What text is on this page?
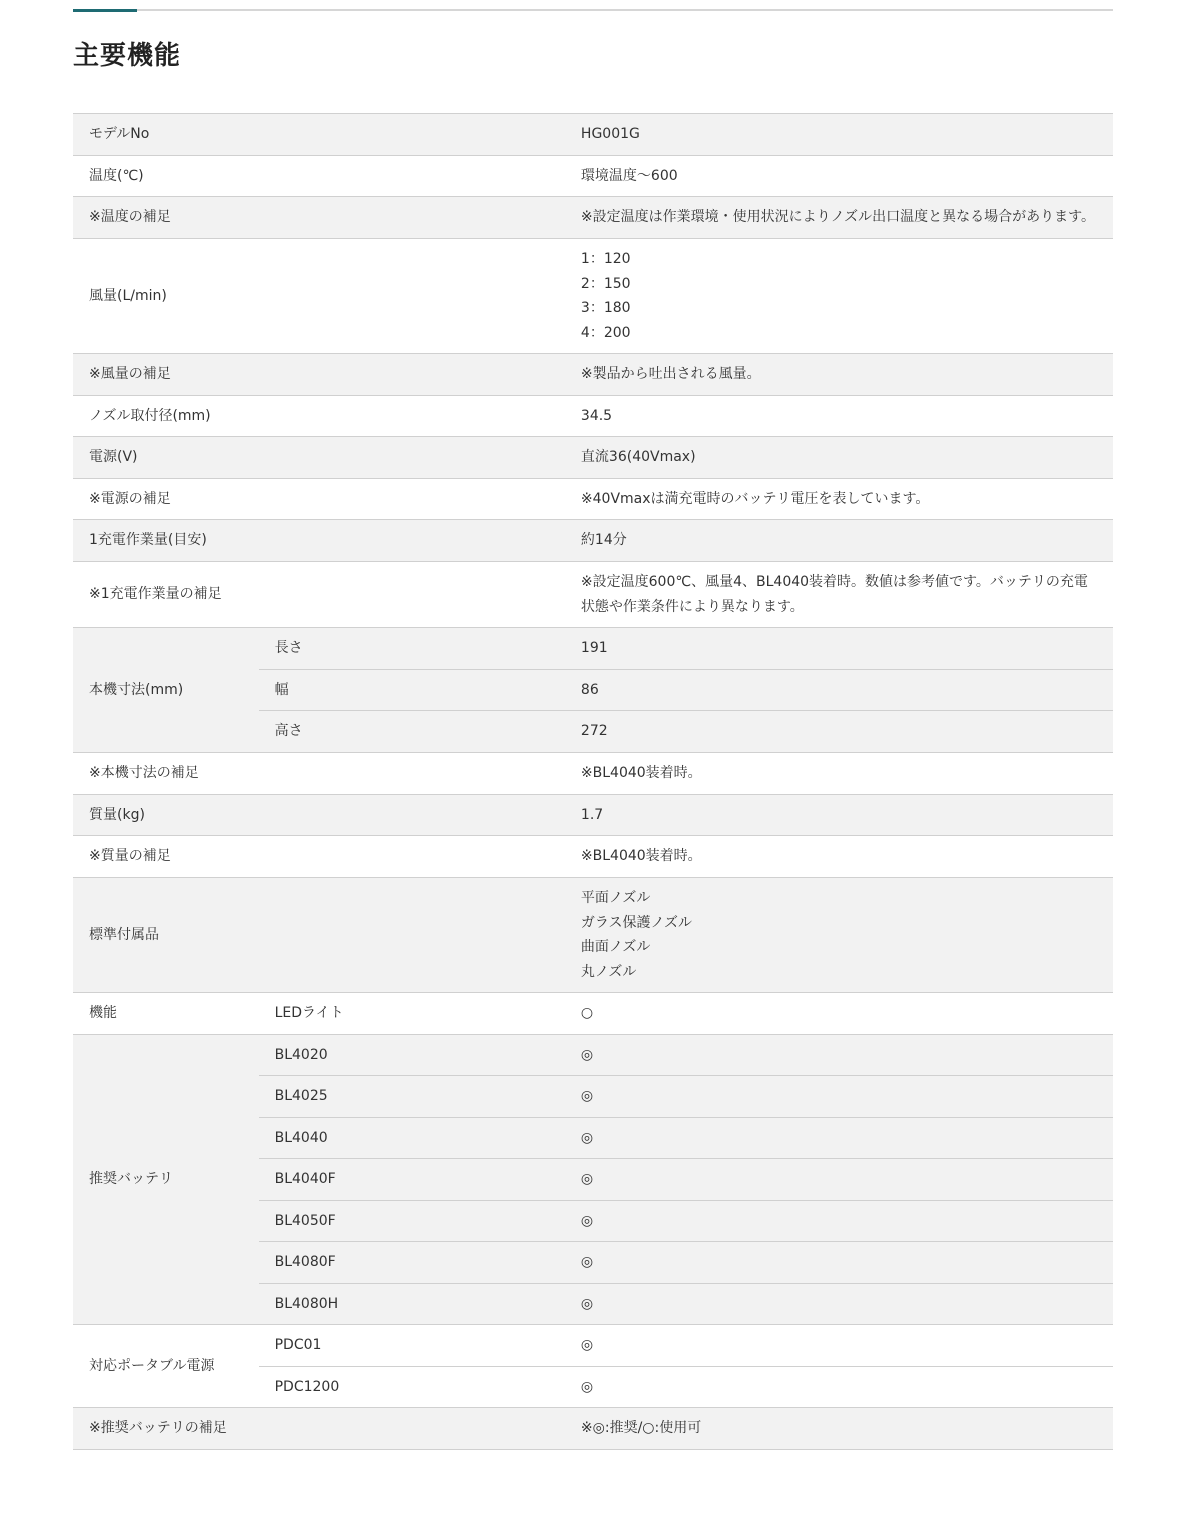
主要機能
モデルNo		HG001G
温度(℃)		環境温度～600
※温度の補足		※設定温度は作業環境・使用状況によりノズル出口温度と異なる場合があります。
風量(L/min)		1：120
2：150
3：180
4：200

※風量の補足		※製品から吐出される風量。
ノズル取付径(mm)		34.5
電源(V)		直流36(40Vmax)
※電源の補足		※40Vmaxは満充電時のバッテリ電圧を表しています。
1充電作業量(目安)		約14分
※1充電作業量の補足		※設定温度600℃、風量4、BL4040装着時。数値は参考値です。バッテリの充電状態や作業条件により異なります。
本機寸法(mm)	長さ	191
	幅	86
	高さ	272
※本機寸法の補足		※BL4040装着時。
質量(kg)		1.7
※質量の補足		※BL4040装着時。
標準付属品		平面ノズル
ガラス保護ノズル
曲面ノズル
丸ノズル

機能	LEDライト	○
推奨バッテリ	BL4020	◎
	BL4025	◎
	BL4040	◎
	BL4040F	◎
	BL4050F	◎
	BL4080F	◎
	BL4080H	◎
対応ポータブル電源	PDC01	◎
	PDC1200	◎
※推奨バッテリの補足		※◎:推奨/○:使用可
